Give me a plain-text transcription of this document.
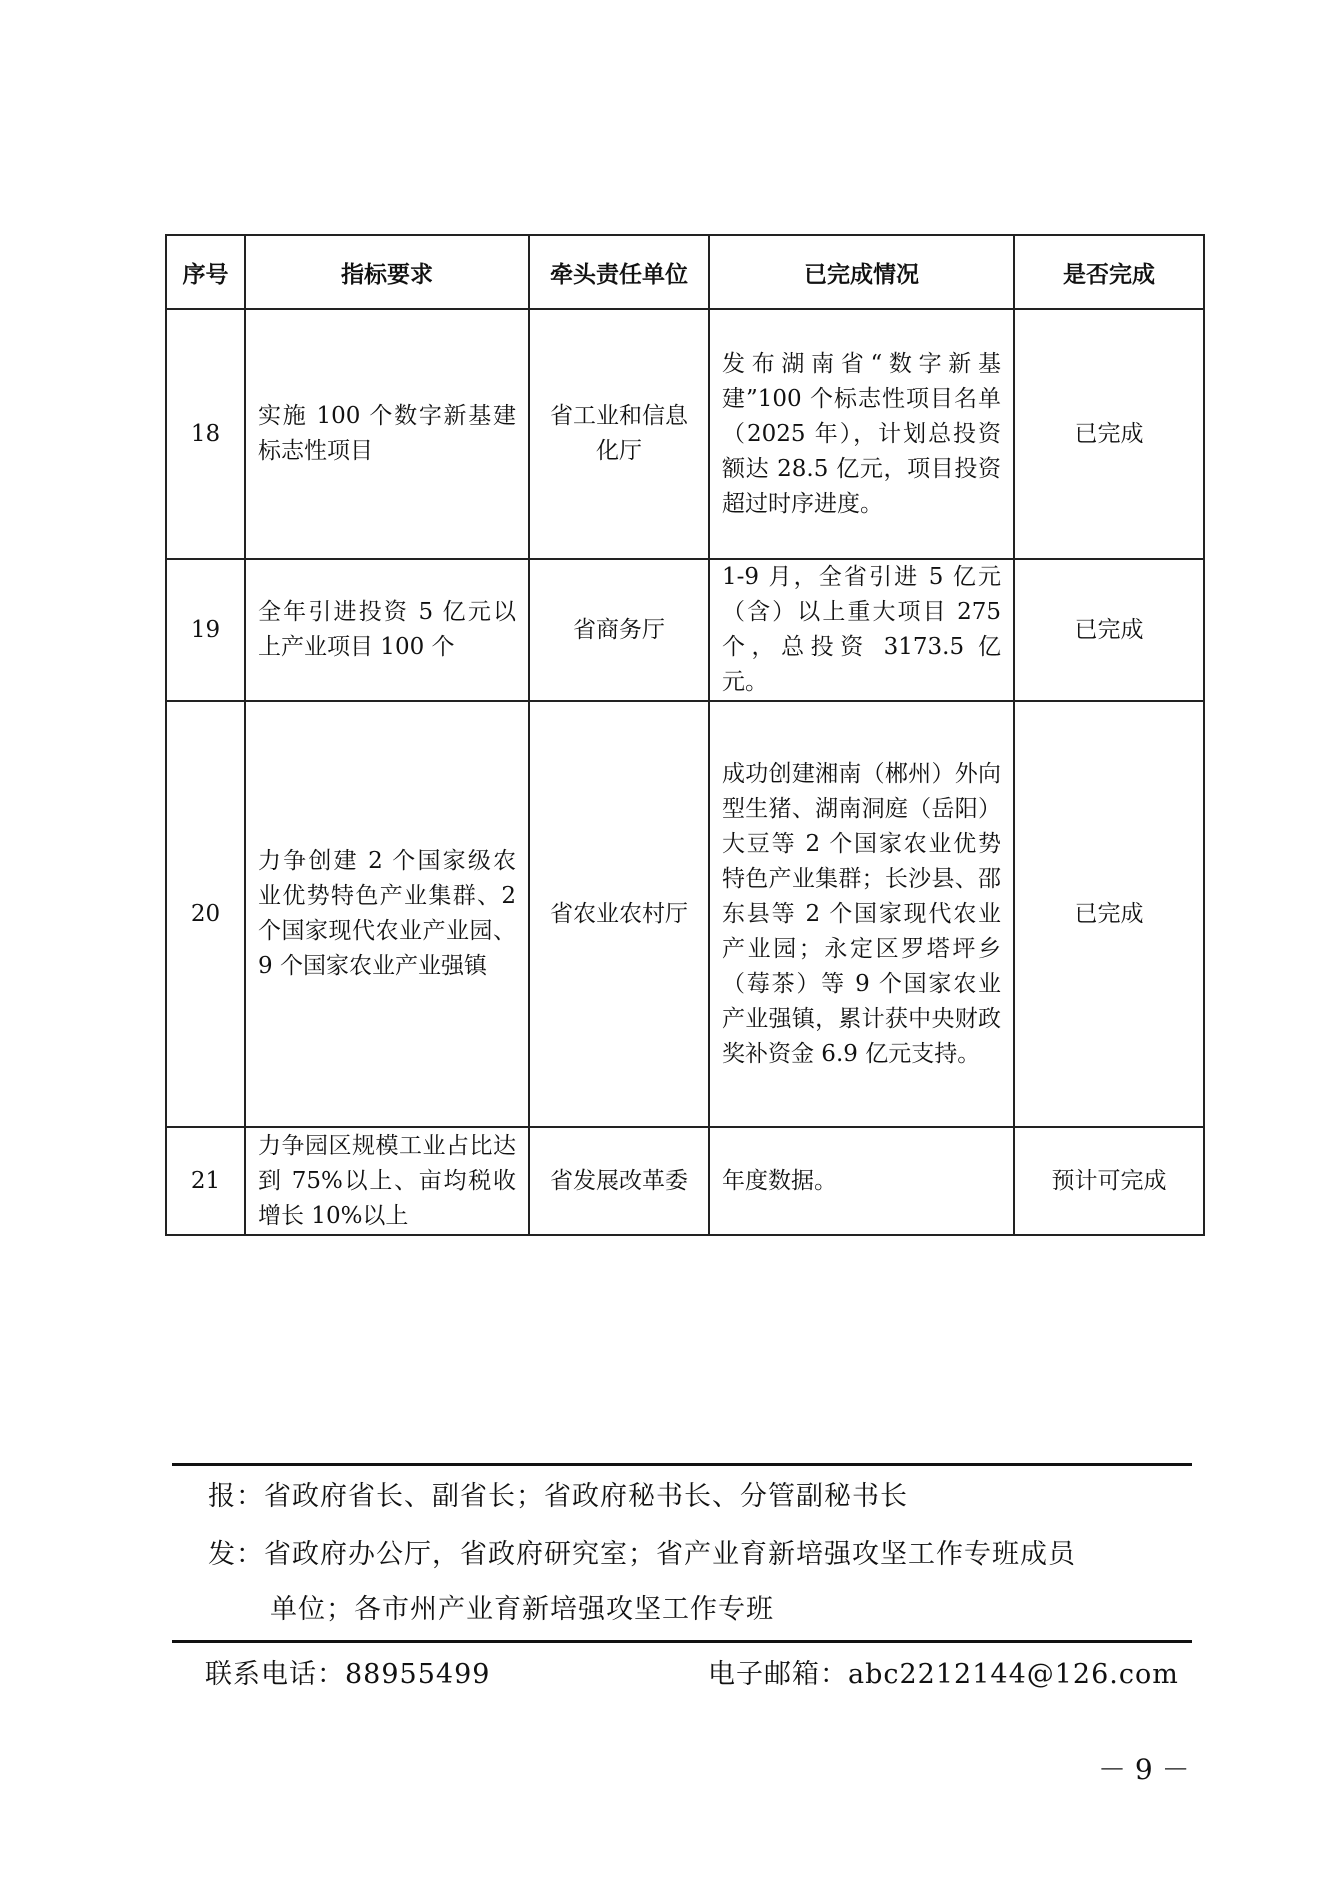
序号	指标要求	牵头责任单位	已完成情况	是否完成
18	实施 100 个数字新基建标志性项目	省工业和信息化厅	发布湖南省“数字新基建”100 个标志性项目名单（2025 年），计划总投资额达 28.5 亿元，项目投资超过时序进度。	已完成
19	全年引进投资 5 亿元以上产业项目 100 个	省商务厅	1-9 月，全省引进 5 亿元（含）以上重大项目 275 个，总投资 3173.5 亿元。	已完成
20	力争创建 2 个国家级农业优势特色产业集群、2 个国家现代农业产业园、9 个国家农业产业强镇	省农业农村厅	成功创建湘南（郴州）外向型生猪、湖南洞庭（岳阳）大豆等 2 个国家农业优势特色产业集群；长沙县、邵东县等 2 个国家现代农业产业园；永定区罗塔坪乡（莓茶）等 9 个国家农业产业强镇，累计获中央财政奖补资金 6.9 亿元支持。	已完成
21	力争园区规模工业占比达到 75%以上、亩均税收增长 10%以上	省发展改革委	年度数据。	预计可完成
报：省政府省长、副省长；省政府秘书长、分管副秘书长
发：省政府办公厅，省政府研究室；省产业育新培强攻坚工作专班成员
单位；各市州产业育新培强攻坚工作专班
联系电话：88955499	电子邮箱：abc2212144@126.com
－ 9 －
